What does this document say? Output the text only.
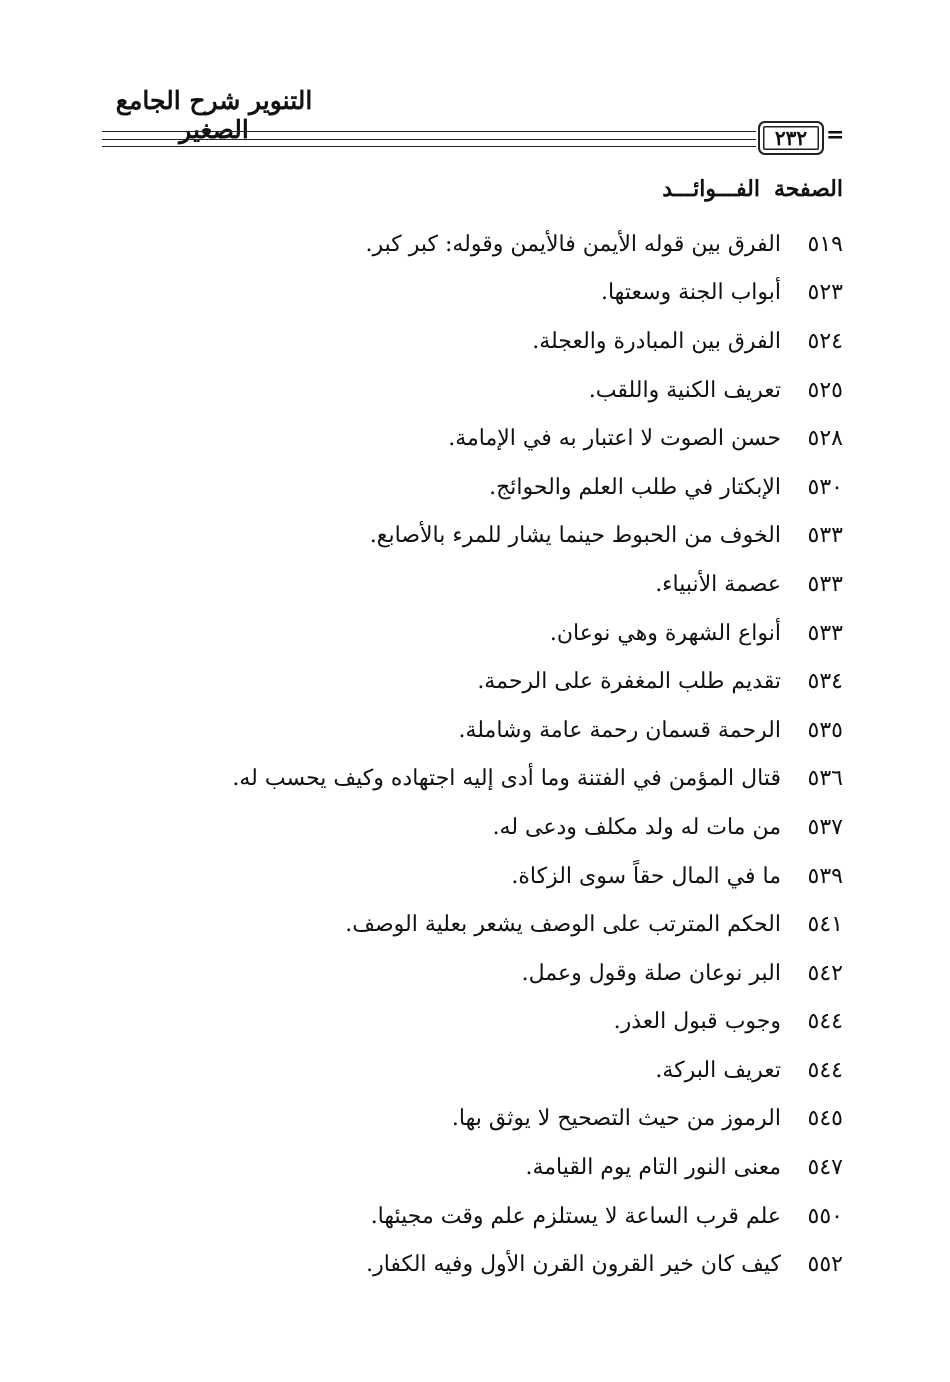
التنوير شرح الجامع الصغير	٢٣٢ =
الصفحةالفـــوائـــد
٥١٩
الفرق بين قوله الأيمن فالأيمن وقوله: كبر كبر.
٥٢٣
أبواب الجنة وسعتها.
٥٢٤
الفرق بين المبادرة والعجلة.
٥٢٥
تعريف الكنية واللقب.
٥٢٨
حسن الصوت لا اعتبار به في الإمامة.
٥٣٠
الإبكتار في طلب العلم والحوائج.
٥٣٣
الخوف من الحبوط حينما يشار للمرء بالأصابع.
٥٣٣
عصمة الأنبياء.
٥٣٣
أنواع الشهرة وهي نوعان.
٥٣٤
تقديم طلب المغفرة على الرحمة.
٥٣٥
الرحمة قسمان رحمة عامة وشاملة.
٥٣٦
قتال المؤمن في الفتنة وما أدى إليه اجتهاده وكيف يحسب له.
٥٣٧
من مات له ولد مكلف ودعى له.
٥٣٩
ما في المال حقاً سوى الزكاة.
٥٤١
الحكم المترتب على الوصف يشعر بعلية الوصف.
٥٤٢
البر نوعان صلة وقول وعمل.
٥٤٤
وجوب قبول العذر.
٥٤٤
تعريف البركة.
٥٤٥
الرموز من حيث التصحيح لا يوثق بها.
٥٤٧
معنى النور التام يوم القيامة.
٥٥٠
علم قرب الساعة لا يستلزم علم وقت مجيئها.
٥٥٢
كيف كان خير القرون القرن الأول وفيه الكفار.
